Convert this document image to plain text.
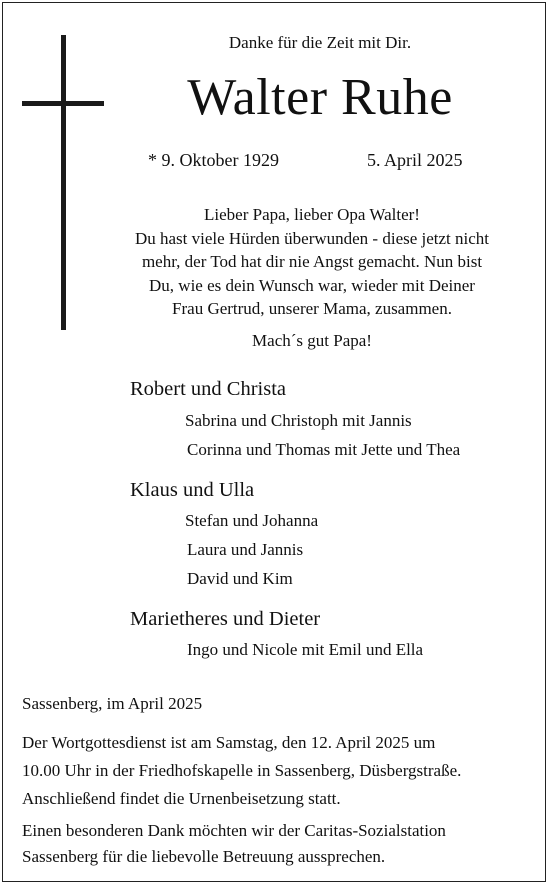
Danke für die Zeit mit Dir.
Walter Ruhe
* 9. Oktober 1929	5. April 2025
Lieber Papa, lieber Opa Walter!
Du hast viele Hürden überwunden - diese jetzt nicht
mehr, der Tod hat dir nie Angst gemacht. Nun bist
Du, wie es dein Wunsch war, wieder mit Deiner
Frau Gertrud, unserer Mama, zusammen.
Mach´s gut Papa!
Robert und Christa
Sabrina und Christoph mit Jannis
Corinna und Thomas mit Jette und Thea
Klaus und Ulla
Stefan und Johanna
Laura und Jannis
David und Kim
Marietheres und Dieter
Ingo und Nicole mit Emil und Ella
Sassenberg, im April 2025
Der Wortgottesdienst ist am Samstag, den 12. April 2025 um
10.00 Uhr in der Friedhofskapelle in Sassenberg, Düsbergstraße.
Anschließend findet die Urnenbeisetzung statt.
Einen besonderen Dank möchten wir der Caritas-Sozialstation
Sassenberg für die liebevolle Betreuung aussprechen.
